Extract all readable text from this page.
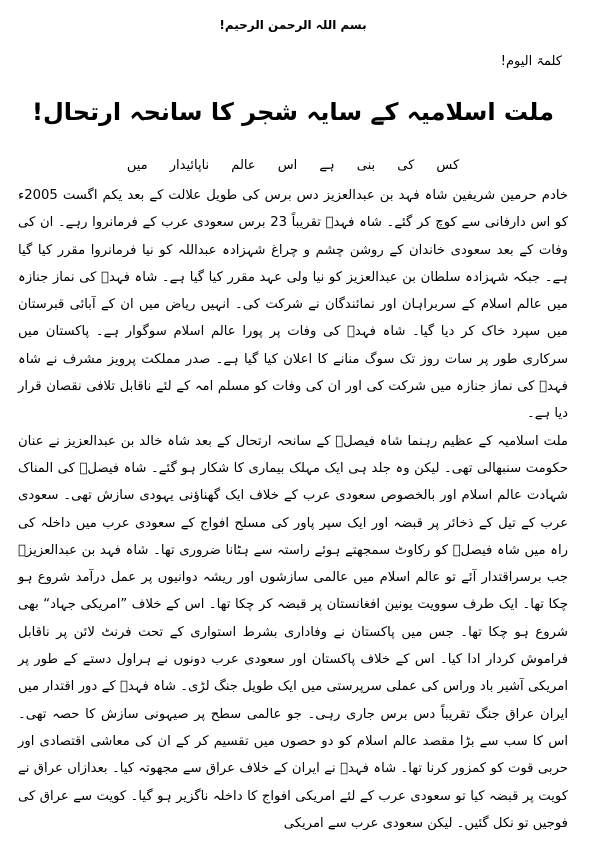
بسم اللہ الرحمن الرحیم!
کلمۃ الیوم!
ملت اسلامیہ کے سایہ شجر کا سانحہ ارتحال!
کس کی بنی ہے اس عالم ناپائیدار میں

خادم حرمین شریفین شاہ فہد بن عبدالعزیز دس برس کی طویل علالت کے بعد یکم اگست 2005ء کو اس دارفانی سے کوچ کر گئے۔ شاہ فہدؒ تقریباً 23 برس سعودی عرب کے فرمانروا رہے۔ ان کی وفات کے بعد سعودی خاندان کے روشن چشم و چراغ شہزادہ عبداللہ کو نیا فرمانروا مقرر کیا گیا ہے۔ جبکہ شہزادہ سلطان بن عبدالعزیز کو نیا ولی عہد مقرر کیا گیا ہے۔ شاہ فہدؒ کی نماز جنازہ میں عالم اسلام کے سربراہان اور نمائندگان نے شرکت کی۔ انہیں ریاض میں ان کے آبائی قبرستان میں سپرد خاک کر دیا گیا۔ شاہ فہدؒ کی وفات پر پورا عالم اسلام سوگوار ہے۔ پاکستان میں سرکاری طور پر سات روز تک سوگ منانے کا اعلان کیا گیا ہے۔ صدر مملکت پرویز مشرف نے شاہ فہدؒ کی نماز جنازہ میں شرکت کی اور ان کی وفات کو مسلم امہ کے لئے ناقابل تلافی نقصان قرار دیا ہے۔

ملت اسلامیہ کے عظیم رہنما شاہ فیصلؒ کے سانحہ ارتحال کے بعد شاہ خالد بن عبدالعزیز نے عنان حکومت سنبھالی تھی۔ لیکن وہ جلد ہی ایک مہلک بیماری کا شکار ہو گئے۔ شاہ فیصلؒ کی المناک شہادت عالم اسلام اور بالخصوص سعودی عرب کے خلاف ایک گھناؤنی یہودی سازش تھی۔ سعودی عرب کے تیل کے ذخائر پر قبضہ اور ایک سپر پاور کی مسلح افواج کے سعودی عرب میں داخلہ کی راہ میں شاہ فیصلؒ کو رکاوٹ سمجھتے ہوئے راستہ سے ہٹانا ضروری تھا۔ شاہ فہد بن عبدالعزیزؒ جب برسراقتدار آئے تو عالم اسلام میں عالمی سازشوں اور ریشہ دوانیوں پر عمل درآمد شروع ہو چکا تھا۔ ایک طرف سوویت یونین افغانستان پر قبضہ کر چکا تھا۔ اس کے خلاف ”امریکی جہاد“ بھی شروع ہو چکا تھا۔ جس میں پاکستان نے وفاداری بشرط استواری کے تحت فرنٹ لائن پر ناقابل فراموش کردار ادا کیا۔ اس کے خلاف پاکستان اور سعودی عرب دونوں نے ہراول دستے کے طور پر امریکی آشیر باد وراس کی عملی سرپرستی میں ایک طویل جنگ لڑی۔ شاہ فہدؒ کے دور اقتدار میں ایران عراق جنگ تقریباً دس برس جاری رہی۔ جو عالمی سطح پر صیہونی سازش کا حصہ تھی۔ اس کا سب سے بڑا مقصد عالم اسلام کو دو حصوں میں تقسیم کر کے ان کی معاشی اقتصادی اور حربی قوت کو کمزور کرنا تھا۔ شاہ فہدؒ نے ایران کے خلاف عراق سے مجھوتہ کیا۔ بعدازاں عراق نے کویت پر قبضہ کیا تو سعودی عرب کے لئے امریکی افواج کا داخلہ ناگزیر ہو گیا۔ کویت سے عراق کی فوجیں تو نکل گئیں۔ لیکن سعودی عرب سے امریکی
